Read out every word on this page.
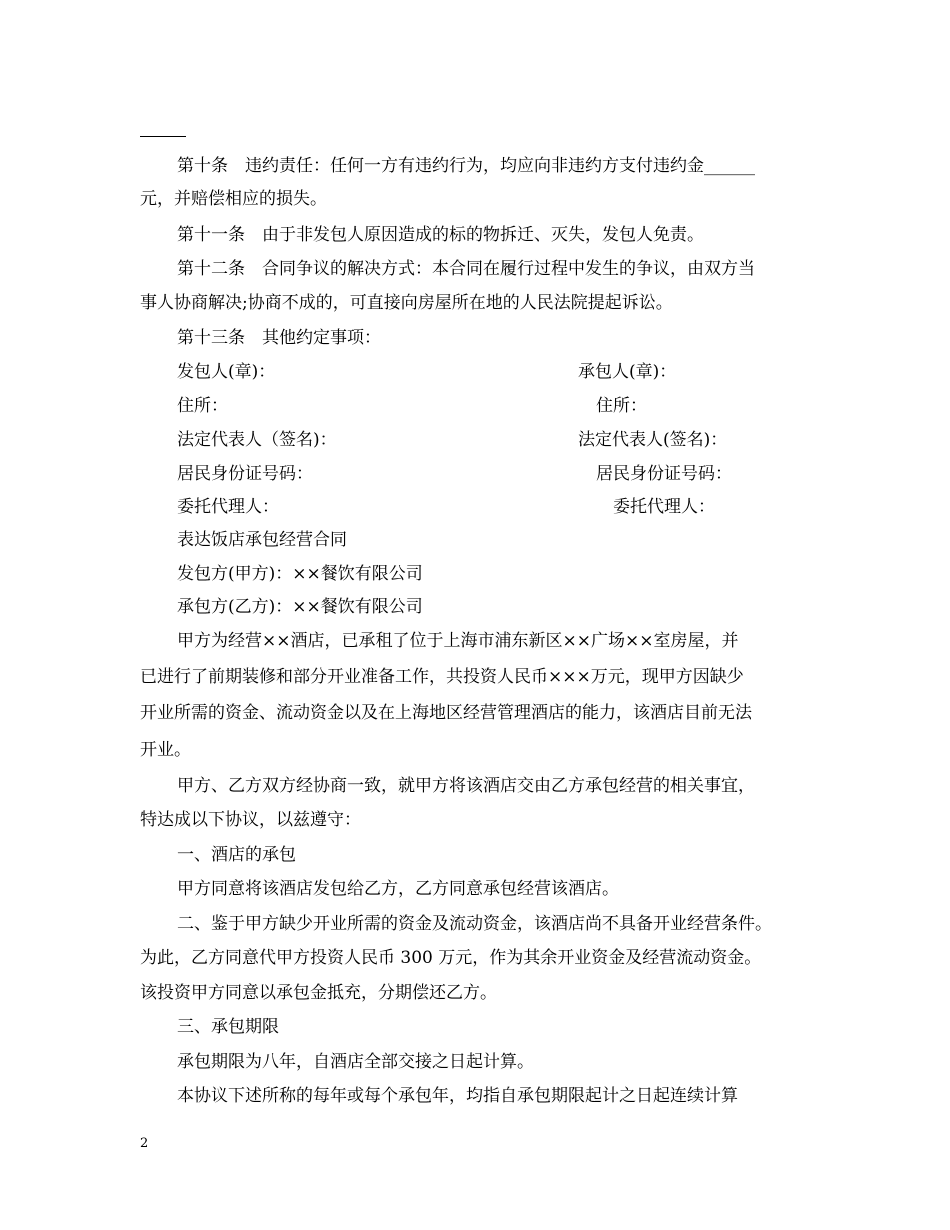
第十条　违约责任：任何一方有违约行为，均应向非违约方支付违约金______
元，并赔偿相应的损失。
第十一条　由于非发包人原因造成的标的物拆迁、灭失，发包人免责。
第十二条　合同争议的解决方式：本合同在履行过程中发生的争议，由双方当
事人协商解决;协商不成的，可直接向房屋所在地的人民法院提起诉讼。
第十三条　其他约定事项：
发包人(章)：	承包人(章)：
住所：	住所：
法定代表人（签名)：	法定代表人(签名)：
居民身份证号码：	居民身份证号码：
委托代理人：	委托代理人：
表达饭店承包经营合同
发包方(甲方)：××餐饮有限公司
承包方(乙方)：××餐饮有限公司
甲方为经营××酒店，已承租了位于上海市浦东新区××广场××室房屋，并
已进行了前期装修和部分开业准备工作，共投资人民币×××万元，现甲方因缺少
开业所需的资金、流动资金以及在上海地区经营管理酒店的能力，该酒店目前无法
开业。
甲方、乙方双方经协商一致，就甲方将该酒店交由乙方承包经营的相关事宜，
特达成以下协议，以兹遵守：
一、酒店的承包
甲方同意将该酒店发包给乙方，乙方同意承包经营该酒店。
二、鉴于甲方缺少开业所需的资金及流动资金，该酒店尚不具备开业经营条件。
为此，乙方同意代甲方投资人民币 300 万元，作为其余开业资金及经营流动资金。
该投资甲方同意以承包金抵充，分期偿还乙方。
三、承包期限
承包期限为八年，自酒店全部交接之日起计算。
本协议下述所称的每年或每个承包年，均指自承包期限起计之日起连续计算
2
